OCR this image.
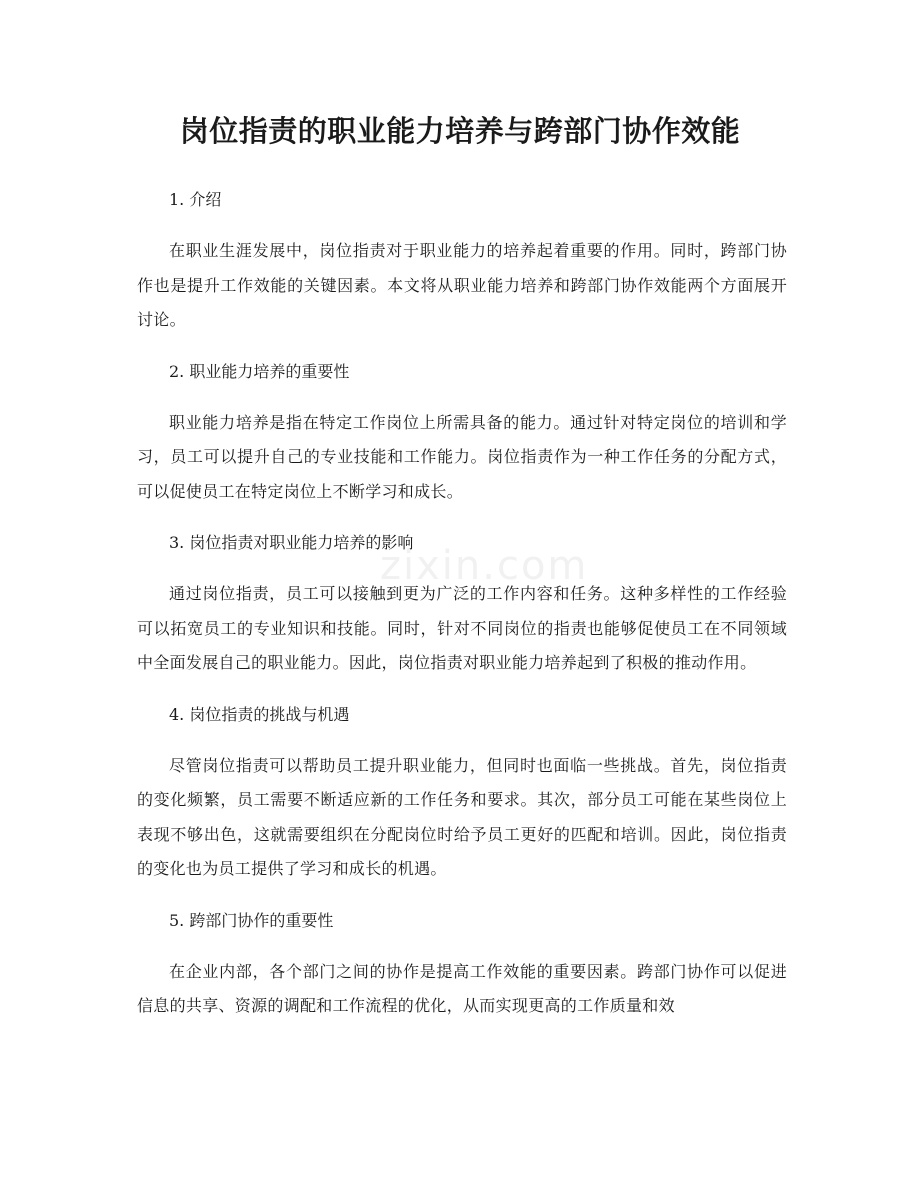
岗位指责的职业能力培养与跨部门协作效能
zixin.com

1. 介绍

在职业生涯发展中，岗位指责对于职业能力的培养起着重要的作用。同时，跨部门协作也是提升工作效能的关键因素。本文将从职业能力培养和跨部门协作效能两个方面展开讨论。

2. 职业能力培养的重要性

职业能力培养是指在特定工作岗位上所需具备的能力。通过针对特定岗位的培训和学习，员工可以提升自己的专业技能和工作能力。岗位指责作为一种工作任务的分配方式，可以促使员工在特定岗位上不断学习和成长。

3. 岗位指责对职业能力培养的影响

通过岗位指责，员工可以接触到更为广泛的工作内容和任务。这种多样性的工作经验可以拓宽员工的专业知识和技能。同时，针对不同岗位的指责也能够促使员工在不同领域中全面发展自己的职业能力。因此，岗位指责对职业能力培养起到了积极的推动作用。

4. 岗位指责的挑战与机遇

尽管岗位指责可以帮助员工提升职业能力，但同时也面临一些挑战。首先，岗位指责的变化频繁，员工需要不断适应新的工作任务和要求。其次，部分员工可能在某些岗位上表现不够出色，这就需要组织在分配岗位时给予员工更好的匹配和培训。因此，岗位指责的变化也为员工提供了学习和成长的机遇。

5. 跨部门协作的重要性

在企业内部，各个部门之间的协作是提高工作效能的重要因素。跨部门协作可以促进信息的共享、资源的调配和工作流程的优化，从而实现更高的工作质量和效
